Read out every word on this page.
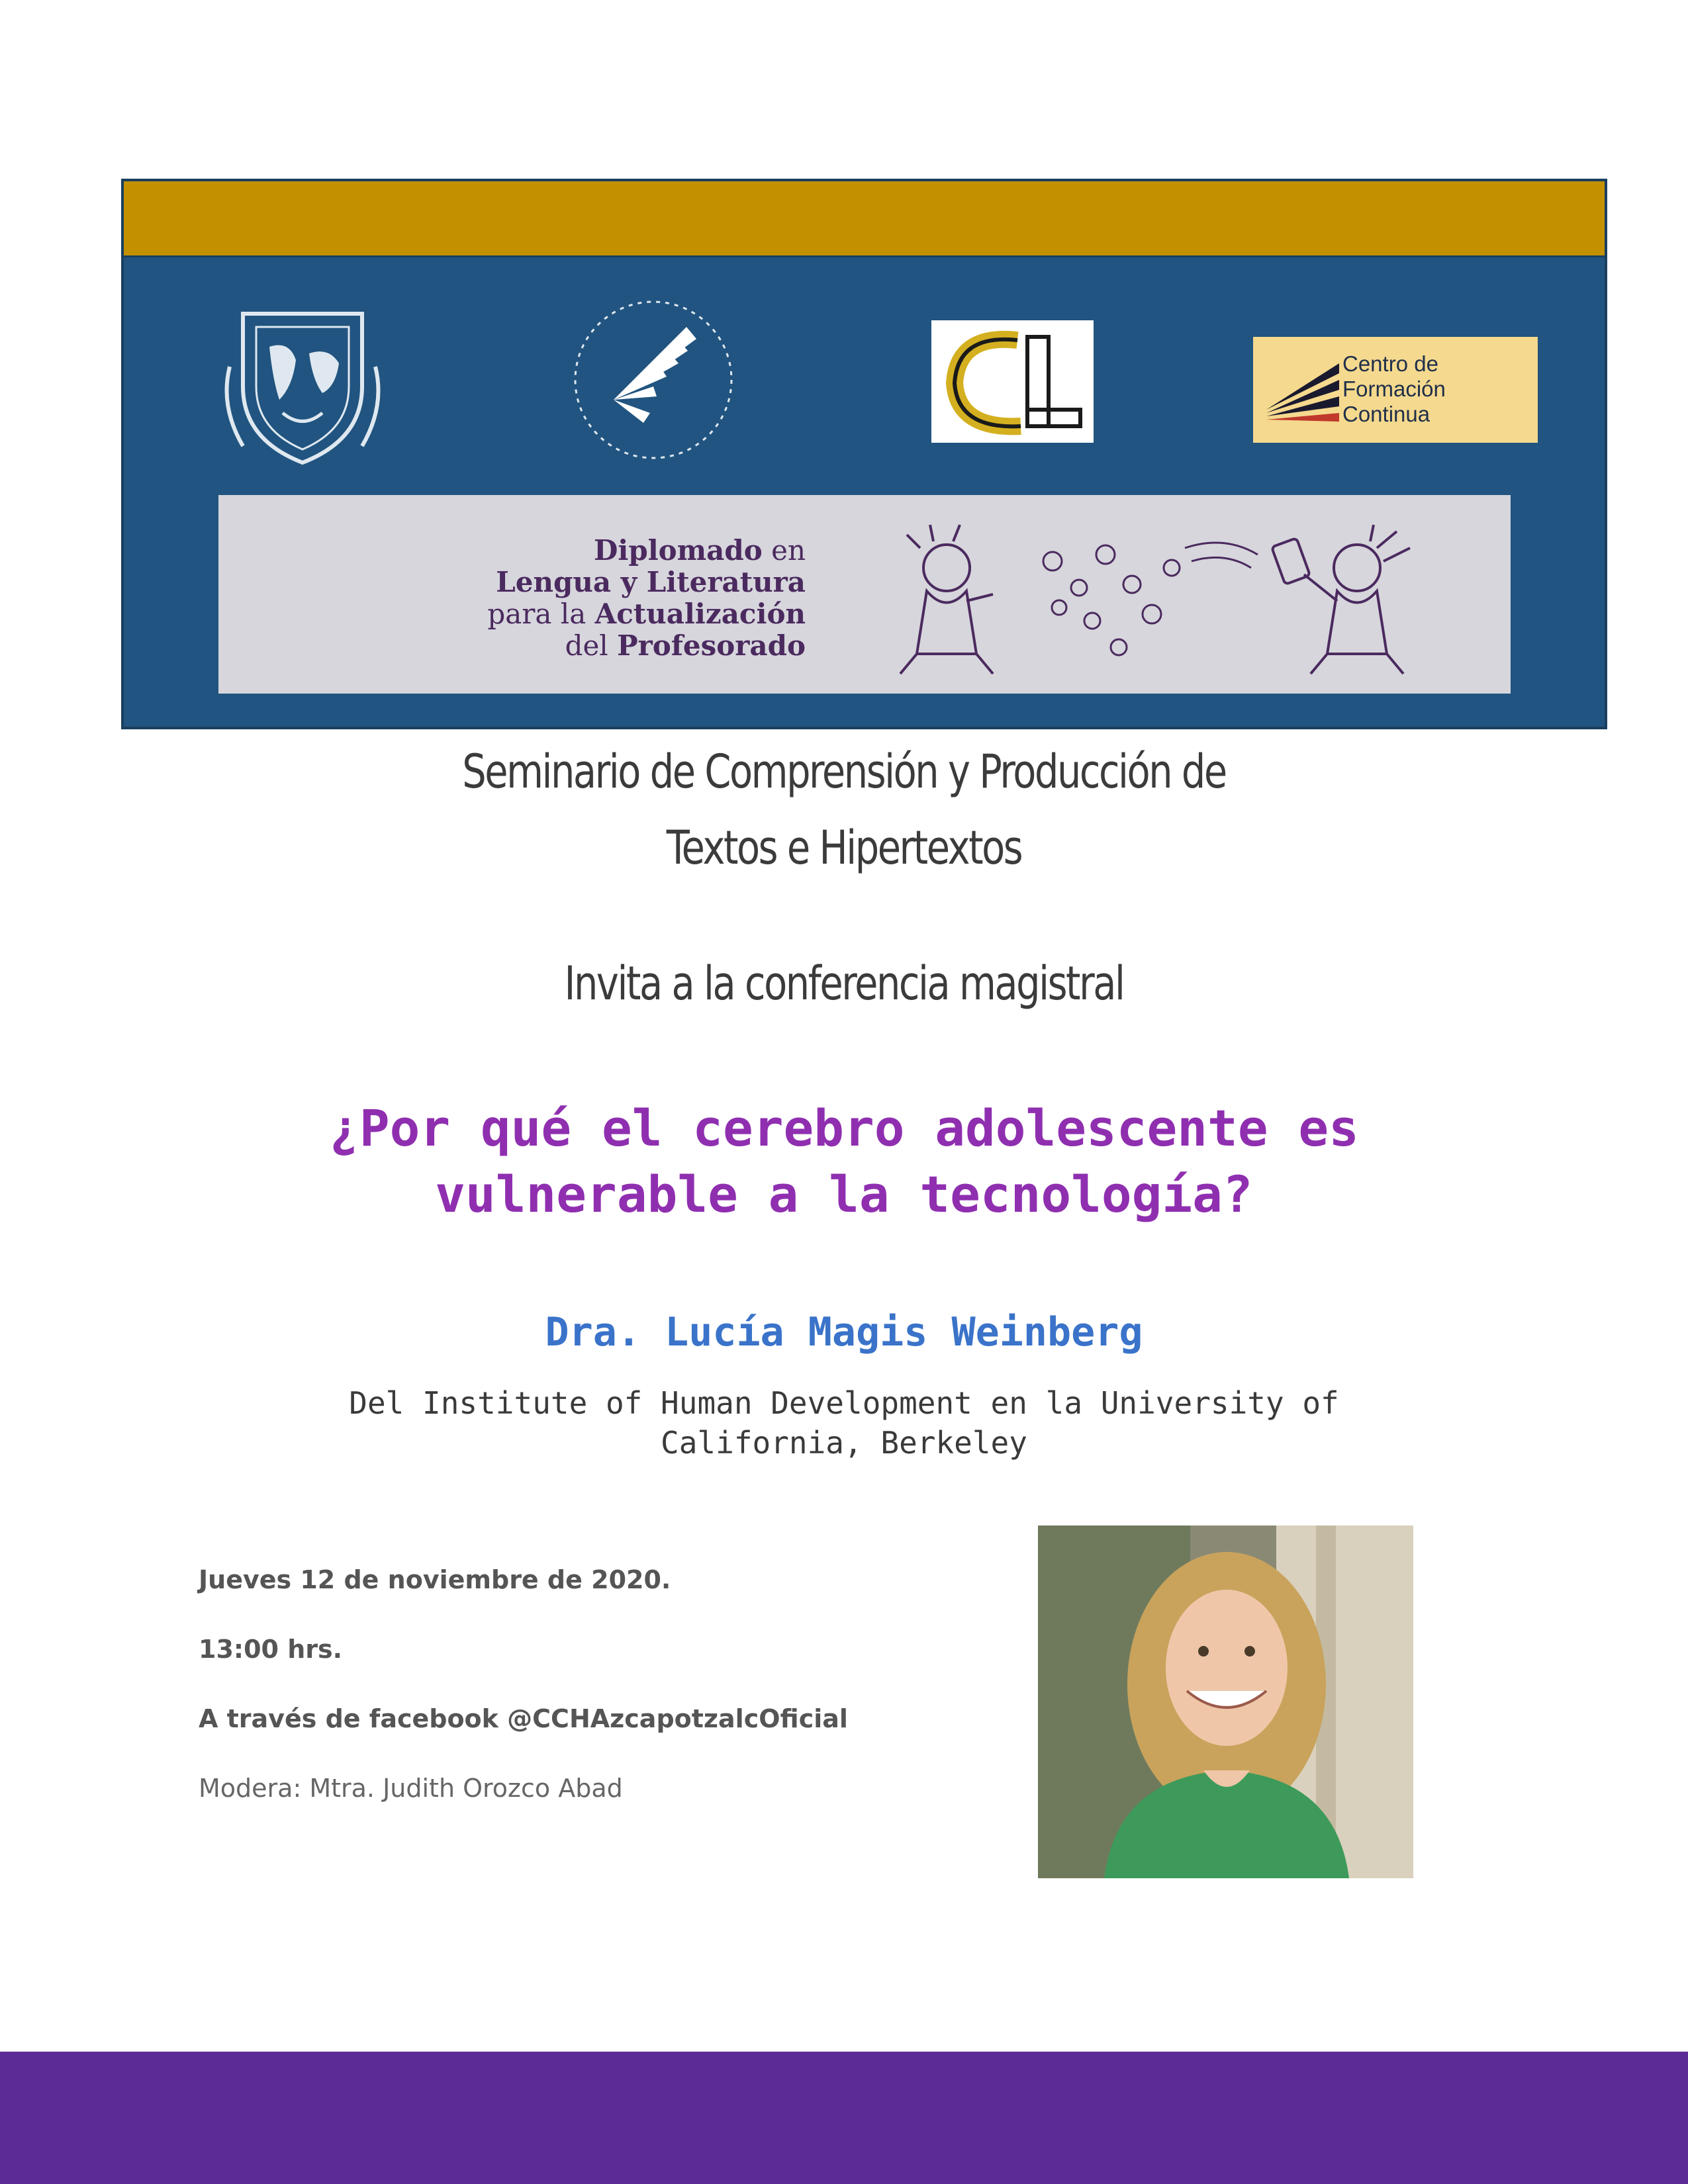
Centro de
Formación
Continua
Diplomado en
Lengua y Literatura
para la Actualización
del Profesorado
Seminario de Comprensión y Producción de
Textos e Hipertextos
Invita a la conferencia magistral
¿Por qué el cerebro adolescente es
vulnerable a la tecnología?
Dra. Lucía Magis Weinberg
Del Institute of Human Development en la University of
California, Berkeley
Jueves 12 de noviembre de 2020.
13:00 hrs.
A través de facebook @CCHAzcapotzalcOficial
Modera: Mtra. Judith Orozco Abad
